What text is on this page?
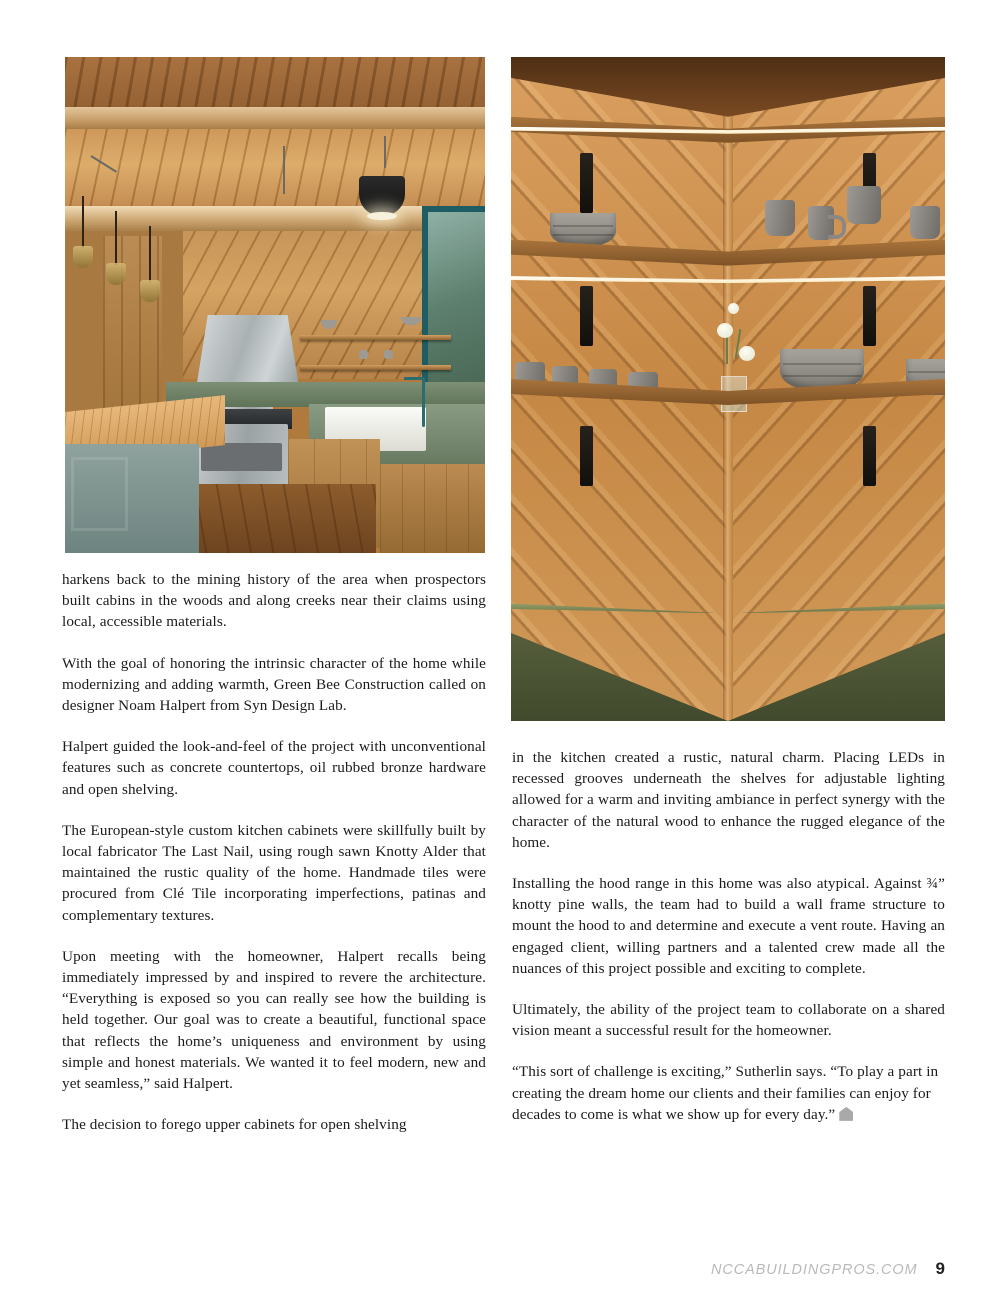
harkens back to the mining history of the area when prospectors built cabins in the woods and along creeks near their claims using local, accessible materials.

With the goal of honoring the intrinsic character of the home while modernizing and adding warmth, Green Bee Construction called on designer Noam Halpert from Syn Design Lab.

Halpert guided the look-and-feel of the project with unconventional features such as concrete countertops, oil rubbed bronze hardware and open shelving.

The European-style custom kitchen cabinets were skillfully built by local fabricator The Last Nail, using rough sawn Knotty Alder that maintained the rustic quality of the home. Handmade tiles were procured from Clé Tile incorporating imperfections, patinas and complementary textures.

Upon meeting with the homeowner, Halpert recalls being immediately impressed by and inspired to revere the architecture. “Everything is exposed so you can really see how the building is held together. Our goal was to create a beautiful, functional space that reflects the home’s uniqueness and environment by using simple and honest materials. We wanted it to feel modern, new and yet seamless,” said Halpert.

The decision to forego upper cabinets for open shelving

in the kitchen created a rustic, natural charm. Placing LEDs in recessed grooves underneath the shelves for adjustable lighting allowed for a warm and inviting ambiance in perfect synergy with the character of the natural wood to enhance the rugged elegance of the home.

Installing the hood range in this home was also atypical. Against ¾” knotty pine walls, the team had to build a wall frame structure to mount the hood to and determine and execute a vent route. Having an engaged client, willing partners and a talented crew made all the nuances of this project possible and exciting to complete.

Ultimately, the ability of the project team to collaborate on a shared vision meant a successful result for the homeowner.

“This sort of challenge is exciting,” Sutherlin says. “To play a part in creating the dream home our clients and their families can enjoy for decades to come is what we show up for every day.”

NCCABUILDINGPROS.COM 9
